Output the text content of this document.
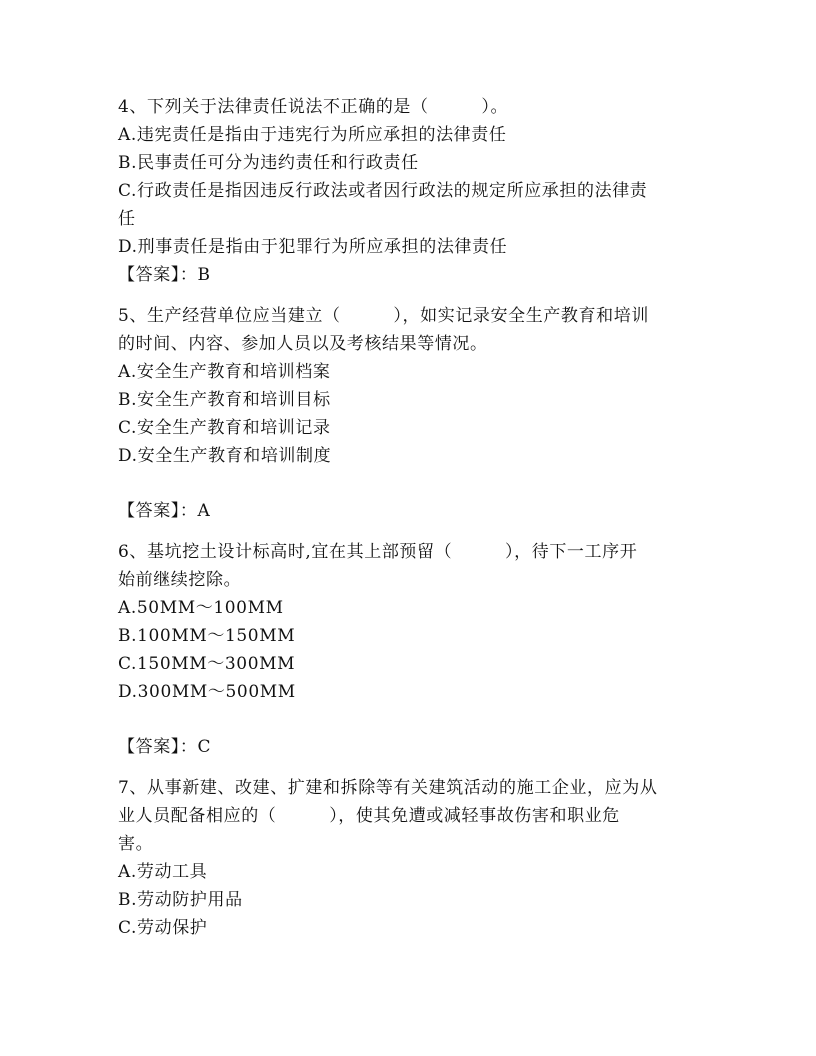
4、下列关于法律责任说法不正确的是（　　　）。
A.违宪责任是指由于违宪行为所应承担的法律责任
B.民事责任可分为违约责任和行政责任
C.行政责任是指因违反行政法或者因行政法的规定所应承担的法律责
任
D.刑事责任是指由于犯罪行为所应承担的法律责任
【答案】：B
5、生产经营单位应当建立（　　　），如实记录安全生产教育和培训
的时间、内容、参加人员以及考核结果等情况。
A.安全生产教育和培训档案
B.安全生产教育和培训目标
C.安全生产教育和培训记录
D.安全生产教育和培训制度
【答案】：A
6、基坑挖土设计标高时,宜在其上部预留（　　　），待下一工序开
始前继续挖除。
A.50MM～100MM
B.100MM～150MM
C.150MM～300MM
D.300MM～500MM
【答案】：C
7、从事新建、改建、扩建和拆除等有关建筑活动的施工企业，应为从
业人员配备相应的（　　　），使其免遭或减轻事故伤害和职业危
害。
A.劳动工具
B.劳动防护用品
C.劳动保护
